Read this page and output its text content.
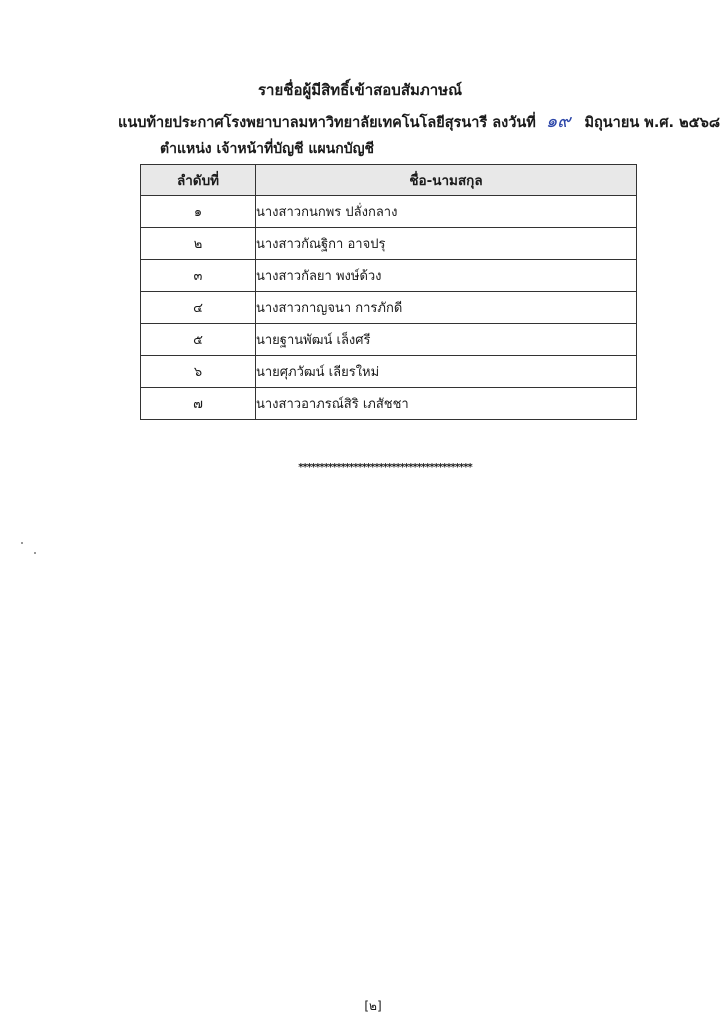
รายชื่อผู้มีสิทธิ์เข้าสอบสัมภาษณ์
แนบท้ายประกาศโรงพยาบาลมหาวิทยาลัยเทคโนโลยีสุรนารี ลงวันที่ ๑๙ มิถุนายน พ.ศ. ๒๕๖๘
ตำแหน่ง เจ้าหน้าที่บัญชี แผนกบัญชี
ลำดับที่	ชื่อ-นามสกุล
๑	นางสาวกนกพร ปลั่งกลาง
๒	นางสาวกัณฐิกา อาจปรุ
๓	นางสาวกัลยา พงษ์ด้วง
๔	นางสาวกาญจนา การภักดี
๕	นายฐานพัฒน์ เล็งศรี
๖	นายศุภวัฒน์ เลียรใหม่
๗	นางสาวอาภรณ์สิริ เภสัชชา
*****************************************
[๒]
